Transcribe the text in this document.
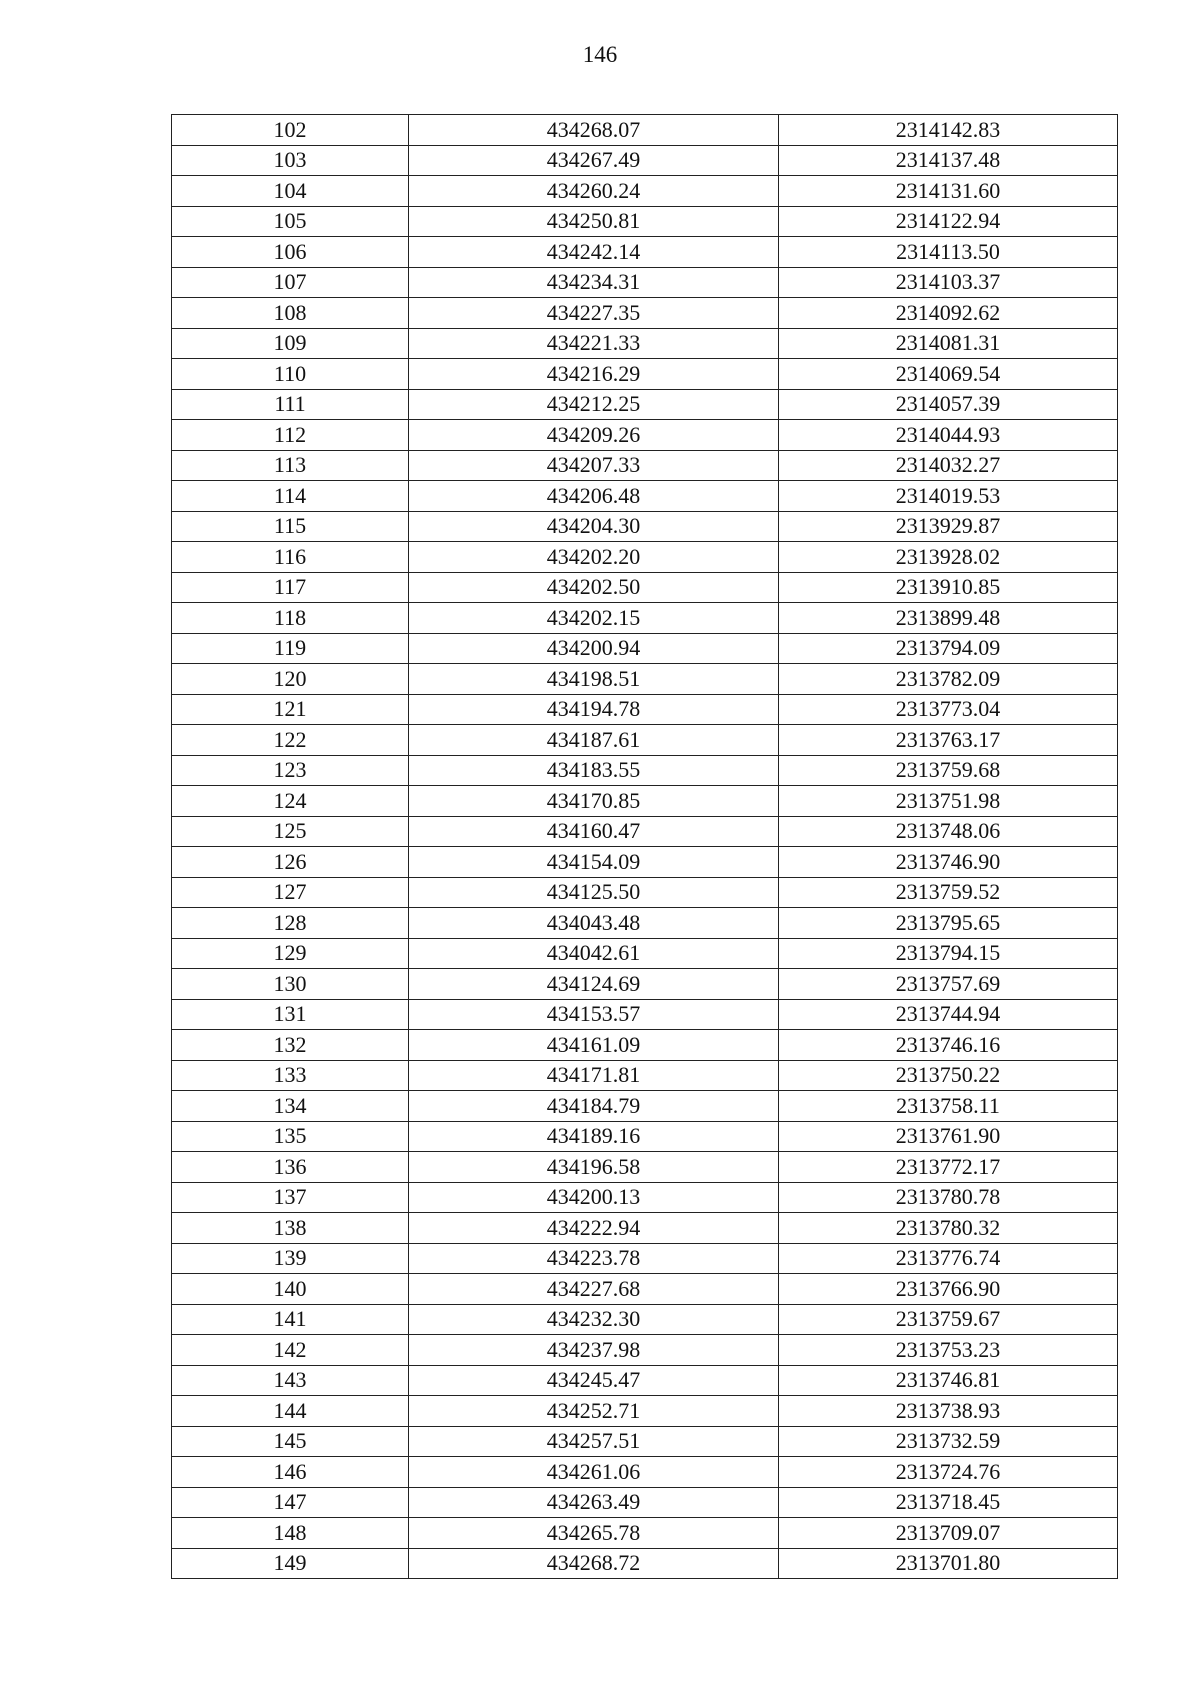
146
102	434268.07	2314142.83
103	434267.49	2314137.48
104	434260.24	2314131.60
105	434250.81	2314122.94
106	434242.14	2314113.50
107	434234.31	2314103.37
108	434227.35	2314092.62
109	434221.33	2314081.31
110	434216.29	2314069.54
111	434212.25	2314057.39
112	434209.26	2314044.93
113	434207.33	2314032.27
114	434206.48	2314019.53
115	434204.30	2313929.87
116	434202.20	2313928.02
117	434202.50	2313910.85
118	434202.15	2313899.48
119	434200.94	2313794.09
120	434198.51	2313782.09
121	434194.78	2313773.04
122	434187.61	2313763.17
123	434183.55	2313759.68
124	434170.85	2313751.98
125	434160.47	2313748.06
126	434154.09	2313746.90
127	434125.50	2313759.52
128	434043.48	2313795.65
129	434042.61	2313794.15
130	434124.69	2313757.69
131	434153.57	2313744.94
132	434161.09	2313746.16
133	434171.81	2313750.22
134	434184.79	2313758.11
135	434189.16	2313761.90
136	434196.58	2313772.17
137	434200.13	2313780.78
138	434222.94	2313780.32
139	434223.78	2313776.74
140	434227.68	2313766.90
141	434232.30	2313759.67
142	434237.98	2313753.23
143	434245.47	2313746.81
144	434252.71	2313738.93
145	434257.51	2313732.59
146	434261.06	2313724.76
147	434263.49	2313718.45
148	434265.78	2313709.07
149	434268.72	2313701.80
